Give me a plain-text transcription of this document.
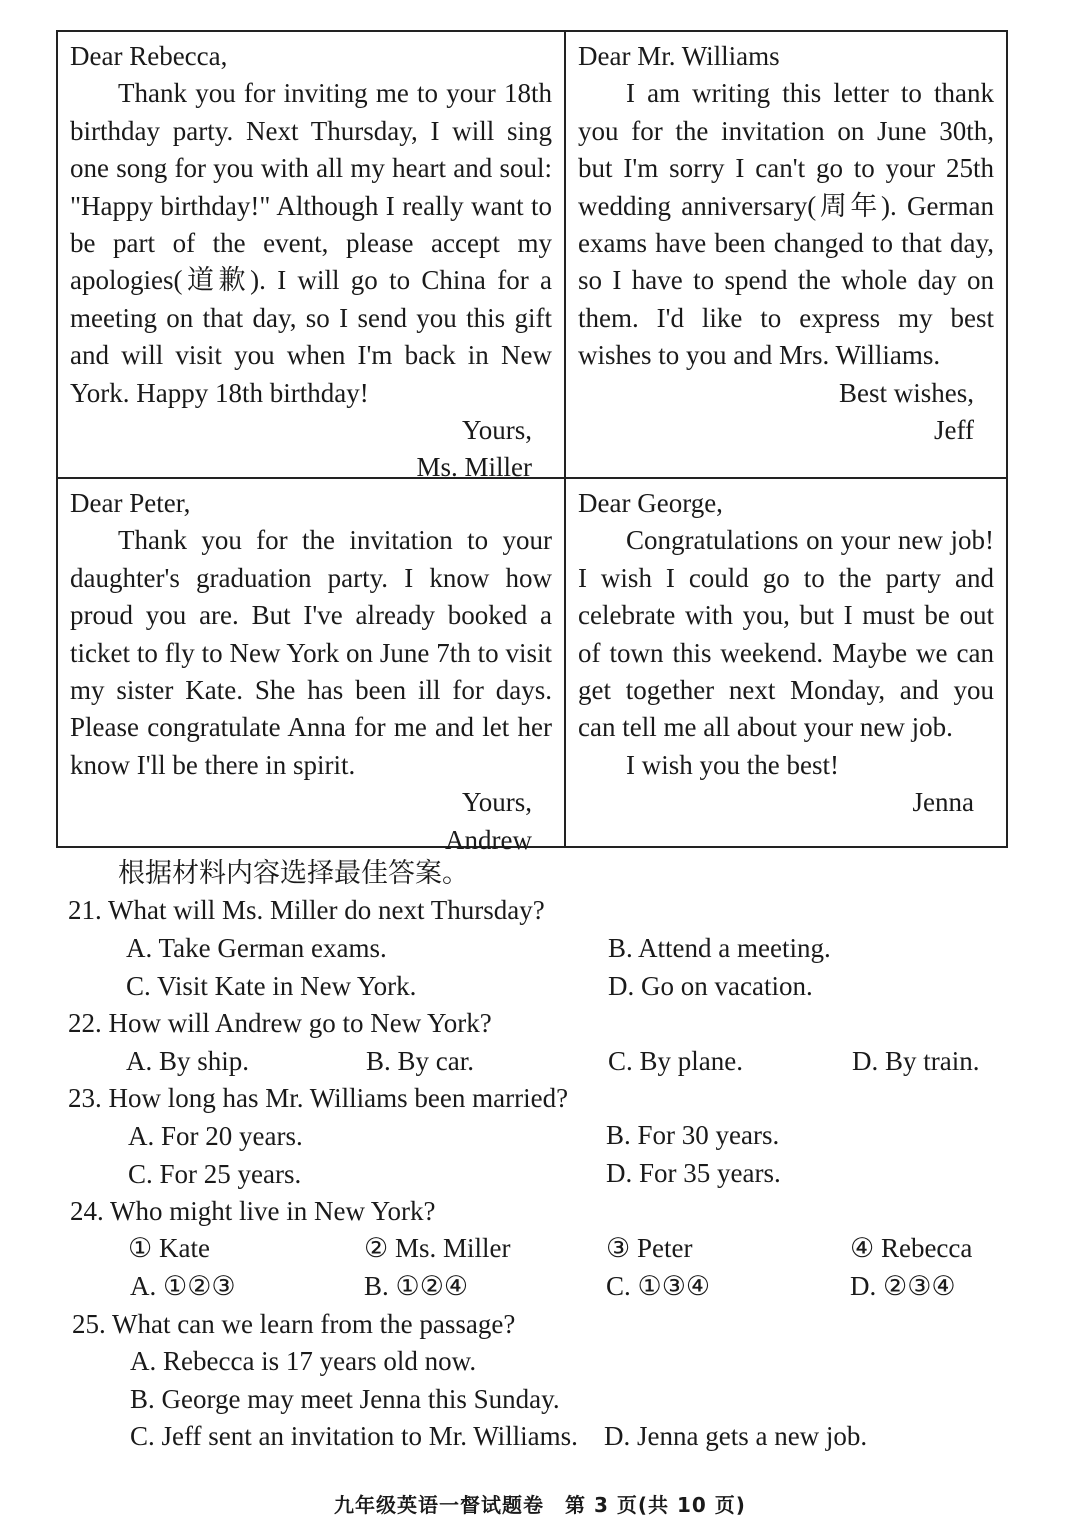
Dear Rebecca,
Thank you for inviting me to your 18th birthday party. Next Thursday, I will sing one song for you with all my heart and soul: "Happy birthday!" Although I really want to be part of the event, please accept my apologies(道歉). I will go to China for a meeting on that day, so I send you this gift and will visit you when I'm back in New York. Happy 18th birthday!
Yours,
Ms. Miller
Dear Mr. Williams
I am writing this letter to thank you for the invitation on June 30th, but I'm sorry I can't go to your 25th wedding anniversary(周年). German exams have been changed to that day, so I have to spend the whole day on them. I'd like to express my best wishes to you and Mrs. Williams.
Best wishes,
Jeff
Dear Peter,
Thank you for the invitation to your daughter's graduation party. I know how proud you are. But I've already booked a ticket to fly to New York on June 7th to visit my sister Kate. She has been ill for days. Please congratulate Anna for me and let her know I'll be there in spirit.
Yours,
Andrew
Dear George,
Congratulations on your new job! I wish I could go to the party and celebrate with you, but I must be out of town this weekend. Maybe we can get together next Monday, and you can tell me all about your new job.
I wish you the best!
Jenna
根据材料内容选择最佳答案。
21. What will Ms. Miller do next Thursday?
A. Take German exams.	B. Attend a meeting.
C. Visit Kate in New York.	D. Go on vacation.
22. How will Andrew go to New York?
A. By ship.	B. By car.	C. By plane.	D. By train.
23. How long has Mr. Williams been married?
A. For 20 years.	B. For 30 years.
C. For 25 years.	D. For 35 years.
24. Who might live in New York?
① Kate	② Ms. Miller	③ Peter	④ Rebecca
A. ①②③	B. ①②④	C. ①③④	D. ②③④
25. What can we learn from the passage?
A. Rebecca is 17 years old now.
B. George may meet Jenna this Sunday.
C. Jeff sent an invitation to Mr. Williams. D. Jenna gets a new job.
九年级英语一督试题卷　第 3 页(共 10 页)
